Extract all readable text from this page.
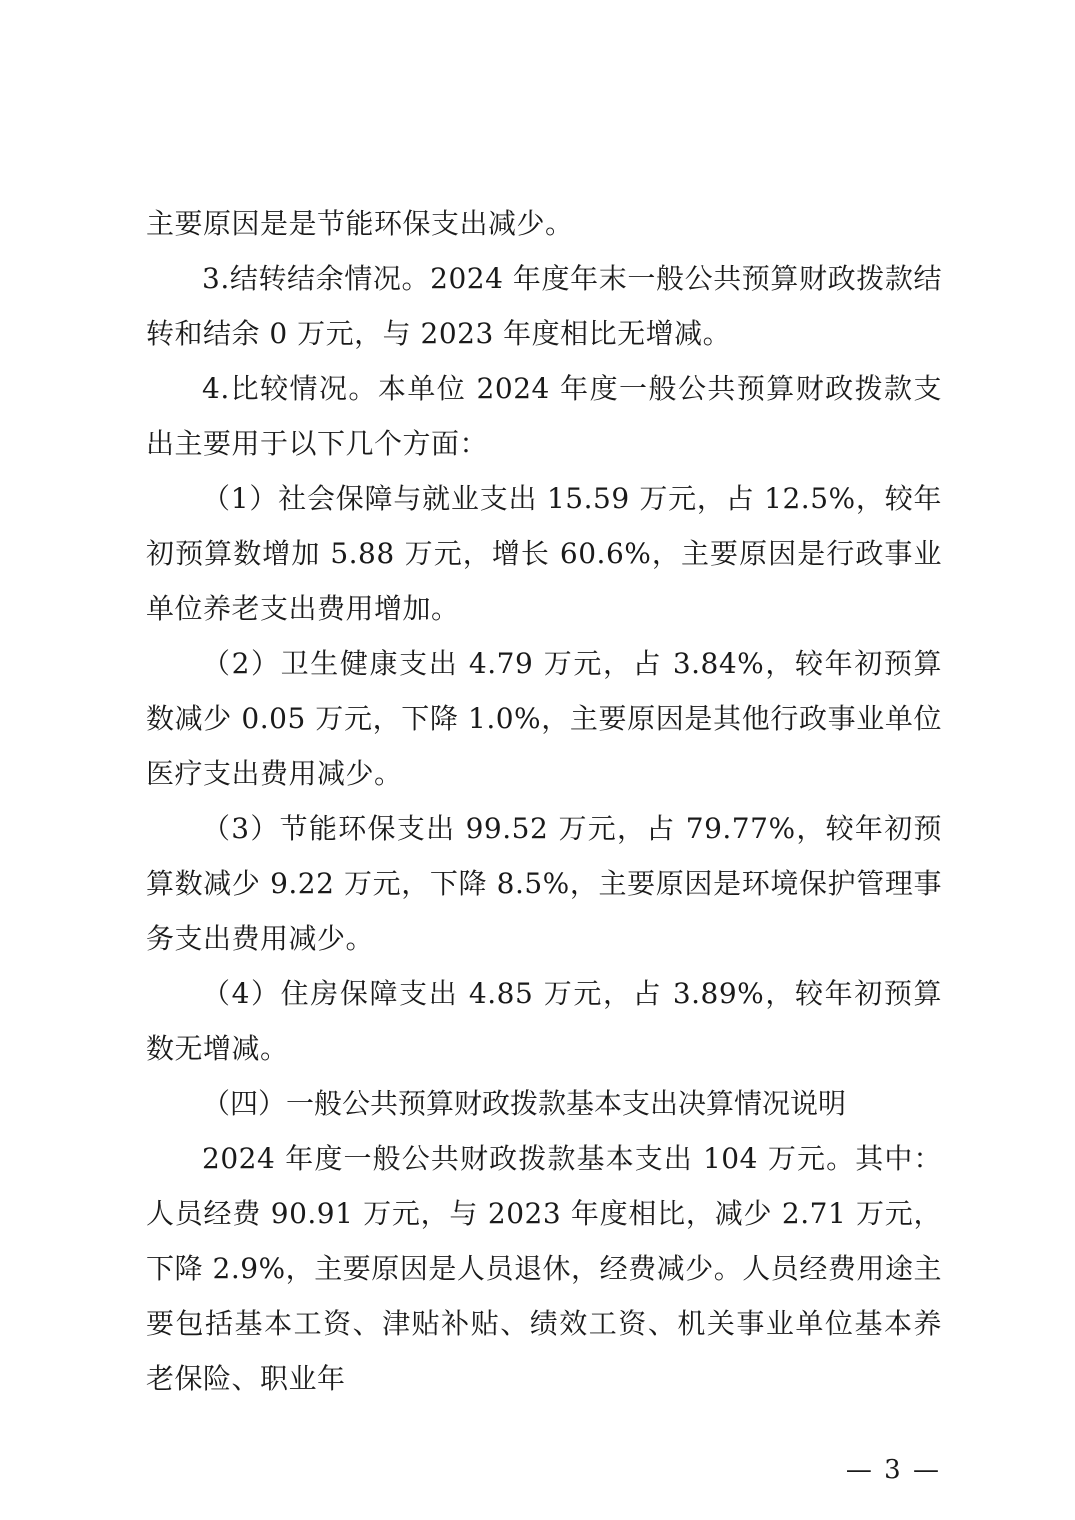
主要原因是是节能环保支出减少。

3.结转结余情况。2024 年度年末一般公共预算财政拨款结转和结余 0 万元，与 2023 年度相比无增减。

4.比较情况。本单位 2024 年度一般公共预算财政拨款支出主要用于以下几个方面：

（1）社会保障与就业支出 15.59 万元，占 12.5%，较年初预算数增加 5.88 万元，增长 60.6%，主要原因是行政事业单位养老支出费用增加。

（2）卫生健康支出 4.79 万元，占 3.84%，较年初预算数减少 0.05 万元，下降 1.0%，主要原因是其他行政事业单位医疗支出费用减少。

（3）节能环保支出 99.52 万元，占 79.77%，较年初预算数减少 9.22 万元，下降 8.5%，主要原因是环境保护管理事务支出费用减少。

（4）住房保障支出 4.85 万元，占 3.89%，较年初预算数无增减。

（四）一般公共预算财政拨款基本支出决算情况说明

2024 年度一般公共财政拨款基本支出 104 万元。其中：人员经费 90.91 万元，与 2023 年度相比，减少 2.71 万元，下降 2.9%，主要原因是人员退休，经费减少。人员经费用途主要包括基本工资、津贴补贴、绩效工资、机关事业单位基本养老保险、职业年

— 3 —
